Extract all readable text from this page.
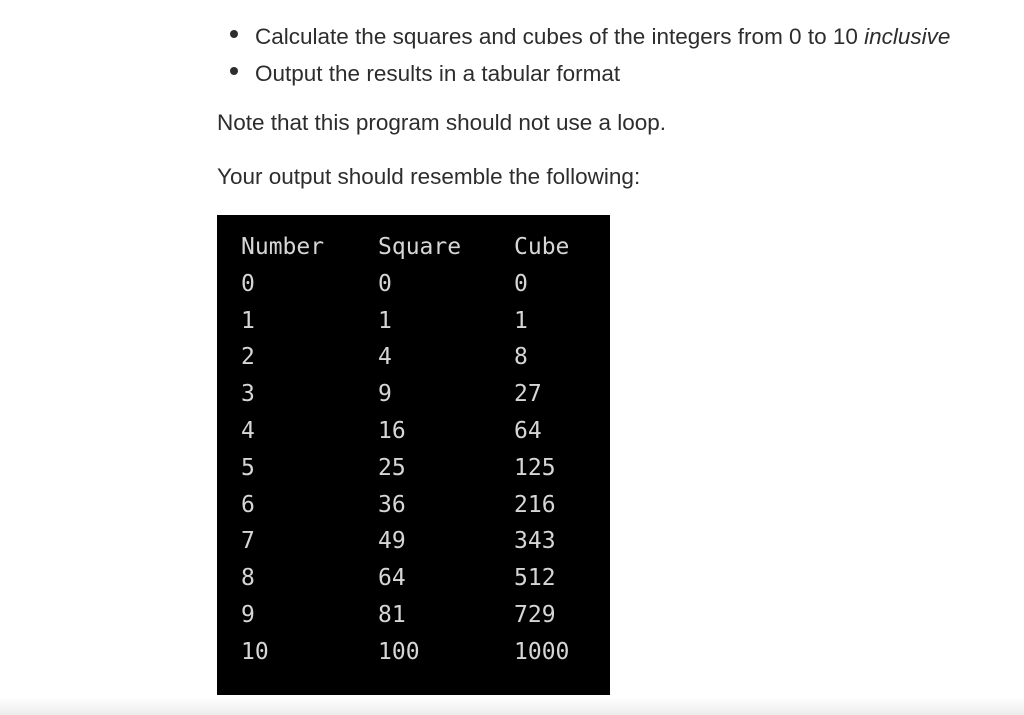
Calculate the squares and cubes of the integers from 0 to 10 inclusive
Output the results in a tabular format

Note that this program should not use a loop.

Your output should resemble the following:

Number	Square	Cube
0	0	0
1	1	1
2	4	8
3	9	27
4	16	64
5	25	125
6	36	216
7	49	343
8	64	512
9	81	729
10	100	1000
